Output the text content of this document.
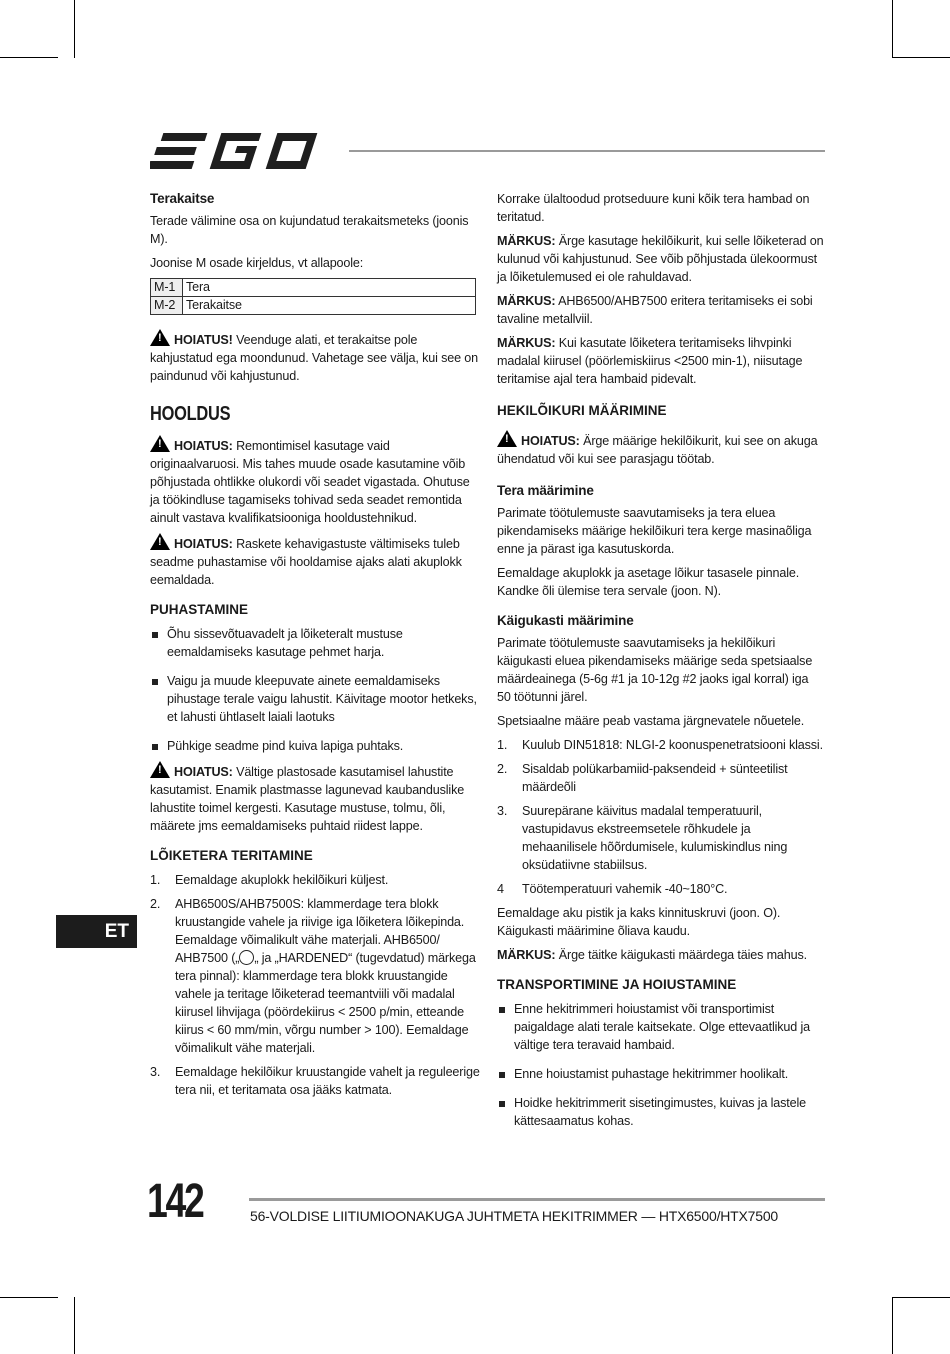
Terakaitse

Terade välimine osa on kujundatud terakaitsmeteks (joonis M).

Joonise M osade kirjeldus, vt allapoole:

M-1	Tera
M-2	Terakaitse

!HOIATUS! Veenduge alati, et terakaitse pole kahjustatud ega moondunud. Vahetage see välja, kui see on paindunud või kahjustunud.

HOOLDUS

!HOIATUS: Remontimisel kasutage vaid originaalvaruosi. Mis tahes muude osade kasutamine võib põhjustada ohtlikke olukordi või seadet vigastada. Ohutuse ja töökindluse tagamiseks tohivad seda seadet remontida ainult vastava kvalifikatsiooniga hooldustehnikud.

!HOIATUS: Raskete kehavigastuste vältimiseks tuleb seadme puhastamise või hooldamise ajaks alati akuplokk eemaldada.

PUHASTAMINE
Õhu sissevõtuavadelt ja lõiketeralt mustuse eemaldamiseks kasutage pehmet harja.
Vaigu ja muude kleepuvate ainete eemaldamiseks pihustage terale vaigu lahustit. Käivitage mootor hetkeks, et lahusti ühtlaselt laiali laotuks
Pühkige seadme pind kuiva lapiga puhtaks.

!HOIATUS: Vältige plastosade kasutamisel lahustite kasutamist. Enamik plastmasse lagunevad kaubanduslike lahustite toimel kergesti. Kasutage mustuse, tolmu, õli, määrete jms eemaldamiseks puhtaid riidest lappe.

LÕIKETERA TERITAMINE
1. Eemaldage akuplokk hekilõikuri küljest.
2. AHB6500S/AHB7500S: klammerdage tera blokk kruustangide vahele ja riivige iga lõiketera lõikepinda. Eemaldage võimalikult vähe materjali. AHB6500/ AHB7500 („ „ ja „HARDENED“ (tugevdatud) märkega tera pinnal): klammerdage tera blokk kruustangide vahele ja teritage lõiketerad teemantviili või madalal kiirusel lihvijaga (pöördekiirus < 2500 p/min, etteande kiirus < 60 mm/min, võrgu number > 100). Eemaldage võimalikult vähe materjali.
3. Eemaldage hekilõikur kruustangide vahelt ja reguleerige tera nii, et teritamata osa jääks katmata.

Korrake ülaltoodud protseduure kuni kõik tera hambad on teritatud.

MÄRKUS: Ärge kasutage hekilõikurit, kui selle lõiketerad on kulunud või kahjustunud. See võib põhjustada ülekoormust ja lõiketulemused ei ole rahuldavad.

MÄRKUS: AHB6500/AHB7500 eritera teritamiseks ei sobi tavaline metallviil.

MÄRKUS: Kui kasutate lõiketera teritamiseks lihvpinki madalal kiirusel (pöörlemiskiirus <2500 min-1), niisutage teritamise ajal tera hambaid pidevalt.

HEKILÕIKURI MÄÄRIMINE

!HOIATUS: Ärge määrige hekilõikurit, kui see on akuga ühendatud või kui see parasjagu töötab.

Tera määrimine

Parimate töötulemuste saavutamiseks ja tera eluea pikendamiseks määrige hekilõikuri tera kerge masinaõliga enne ja pärast iga kasutuskorda.

Eemaldage akuplokk ja asetage lõikur tasasele pinnale. Kandke õli ülemise tera servale (joon. N).

Käigukasti määrimine

Parimate töötulemuste saavutamiseks ja hekilõikuri käigukasti eluea pikendamiseks määrige seda spetsiaalse määrdeainega (5-6g #1 ja 10-12g #2 jaoks igal korral) iga 50 töötunni järel.

Spetsiaalne määre peab vastama järgnevatele nõuetele.

1. Kuulub DIN51818: NLGI-2 koonuspenetratsiooni klassi.
2. Sisaldab polükarbamiid-paksendeid + sünteetilist määrdeõli
3. Suurepärane käivitus madalal temperatuuril, vastupidavus ekstreemsetele rõhkudele ja mehaanilisele hõõrdumisele, kulumiskindlus ning oksüdatiivne stabiilsus.
4 Töötemperatuuri vahemik -40~180°C.

Eemaldage aku pistik ja kaks kinnituskruvi (joon. O). Käigukasti määrimine õliava kaudu.

MÄRKUS: Ärge täitke käigukasti määrdega täies mahus.

TRANSPORTIMINE JA HOIUSTAMINE
Enne hekitrimmeri hoiustamist või transportimist paigaldage alati terale kaitsekate. Olge ettevaatlikud ja vältige tera teravaid hambaid.
Enne hoiustamist puhastage hekitrimmer hoolikalt.
Hoidke hekitrimmerit sisetingimustes, kuivas ja lastele kättesaamatus kohas.
ET
142	56-VOLDISE LIITIUMIOONAKUGA JUHTMETA HEKITRIMMER — HTX6500/HTX7500
